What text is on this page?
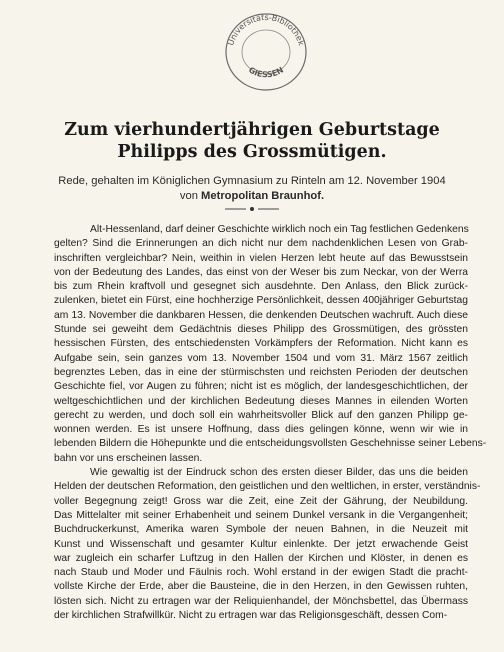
Universitäts-Bibliothek
GIESSEN
Zum vierhundertjährigen Geburtstage
Philipps des Grossmütigen.
Rede, gehalten im Königlichen Gymnasium zu Rinteln am 12. November 1904
von Metropolitan Braunhof.
Alt-Hessenland, darf deiner Geschichte wirklich noch ein Tag festlichen Gedenkens
gelten? Sind die Erinnerungen an dich nicht nur dem nachdenklichen Lesen von Grab-
inschriften vergleichbar? Nein, weithin in vielen Herzen lebt heute auf das Bewusstsein
von der Bedeutung des Landes, das einst von der Weser bis zum Neckar, von der Werra
bis zum Rhein kraftvoll und gesegnet sich ausdehnte. Den Anlass, den Blick zurück-
zulenken, bietet ein Fürst, eine hochherzige Persönlichkeit, dessen 400jähriger Geburtstag
am 13. November die dankbaren Hessen, die denkenden Deutschen wachruft. Auch diese
Stunde sei geweiht dem Gedächtnis dieses Philipp des Grossmütigen, des grössten
hessischen Fürsten, des entschiedensten Vorkämpfers der Reformation. Nicht kann es
Aufgabe sein, sein ganzes vom 13. November 1504 und vom 31. März 1567 zeitlich
begrenztes Leben, das in eine der stürmischsten und reichsten Perioden der deutschen
Geschichte fiel, vor Augen zu führen; nicht ist es möglich, der landesgeschichtlichen, der
weltgeschichtlichen und der kirchlichen Bedeutung dieses Mannes in eilenden Worten
gerecht zu werden, und doch soll ein wahrheitsvoller Blick auf den ganzen Philipp ge-
wonnen werden. Es ist unsere Hoffnung, dass dies gelingen könne, wenn wir wie in
lebenden Bildern die Höhepunkte und die entscheidungsvollsten Geschehnisse seiner Lebens-
bahn vor uns erscheinen lassen.
Wie gewaltig ist der Eindruck schon des ersten dieser Bilder, das uns die beiden
Helden der deutschen Reformation, den geistlichen und den weltlichen, in erster, verständnis-
voller Begegnung zeigt! Gross war die Zeit, eine Zeit der Gährung, der Neubildung.
Das Mittelalter mit seiner Erhabenheit und seinem Dunkel versank in die Vergangenheit;
Buchdruckerkunst, Amerika waren Symbole der neuen Bahnen, in die Neuzeit mit
Kunst und Wissenschaft und gesamter Kultur einlenkte. Der jetzt erwachende Geist
war zugleich ein scharfer Luftzug in den Hallen der Kirchen und Klöster, in denen es
nach Staub und Moder und Fäulnis roch. Wohl erstand in der ewigen Stadt die pracht-
vollste Kirche der Erde, aber die Bausteine, die in den Herzen, in den Gewissen ruhten,
lösten sich. Nicht zu ertragen war der Reliquienhandel, der Mönchsbettel, das Übermass
der kirchlichen Strafwillkür. Nicht zu ertragen war das Religionsgeschäft, dessen Com-
